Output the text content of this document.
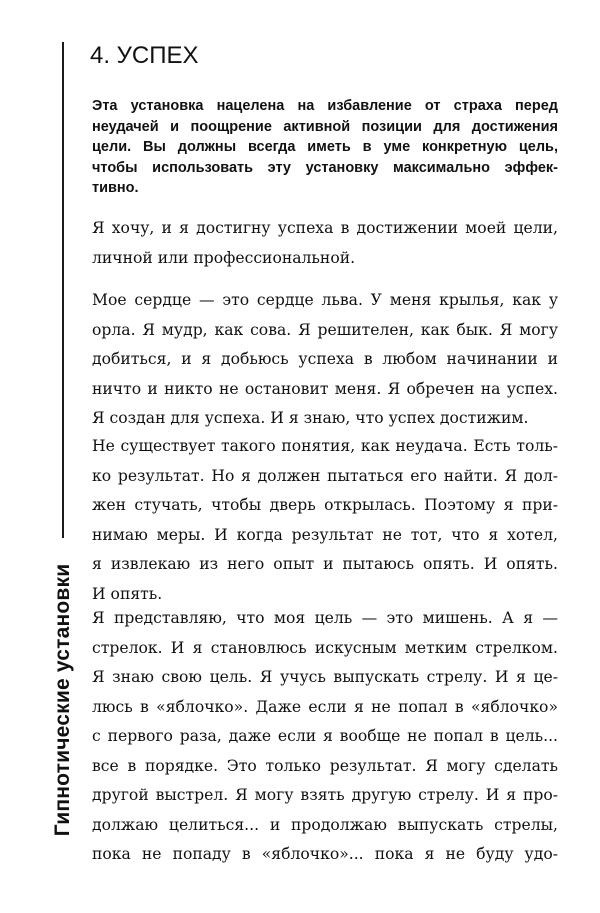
Гипнотические установки
4. УСПЕХ
Эта установка нацелена на избавление от страха перед
неудачей и поощрение активной позиции для достижения
цели. Вы должны всегда иметь в уме конкретную цель,
чтобы использовать эту установку максимально эффек-
тивно.
Я хочу, и я достигну успеха в достижении моей цели,
личной или профессиональной.
Мое сердце — это сердце льва. У меня крылья, как у
орла. Я мудр, как сова. Я решителен, как бык. Я могу
добиться, и я добьюсь успеха в любом начинании и
ничто и никто не остановит меня. Я обречен на успех.
Я создан для успеха. И я знаю, что успех достижим.
Не существует такого понятия, как неудача. Есть толь-
ко результат. Но я должен пытаться его найти. Я дол-
жен стучать, чтобы дверь открылась. Поэтому я при-
нимаю меры. И когда результат не тот, что я хотел,
я извлекаю из него опыт и пытаюсь опять. И опять.
И опять.
Я представляю, что моя цель — это мишень. А я —
стрелок. И я становлюсь искусным метким стрелком.
Я знаю свою цель. Я учусь выпускать стрелу. И я це-
люсь в «яблочко». Даже если я не попал в «яблочко»
с первого раза, даже если я вообще не попал в цель...
все в порядке. Это только результат. Я могу сделать
другой выстрел. Я могу взять другую стрелу. И я про-
должаю целиться... и продолжаю выпускать стрелы,
пока не попаду в «яблочко»... пока я не буду удо-
